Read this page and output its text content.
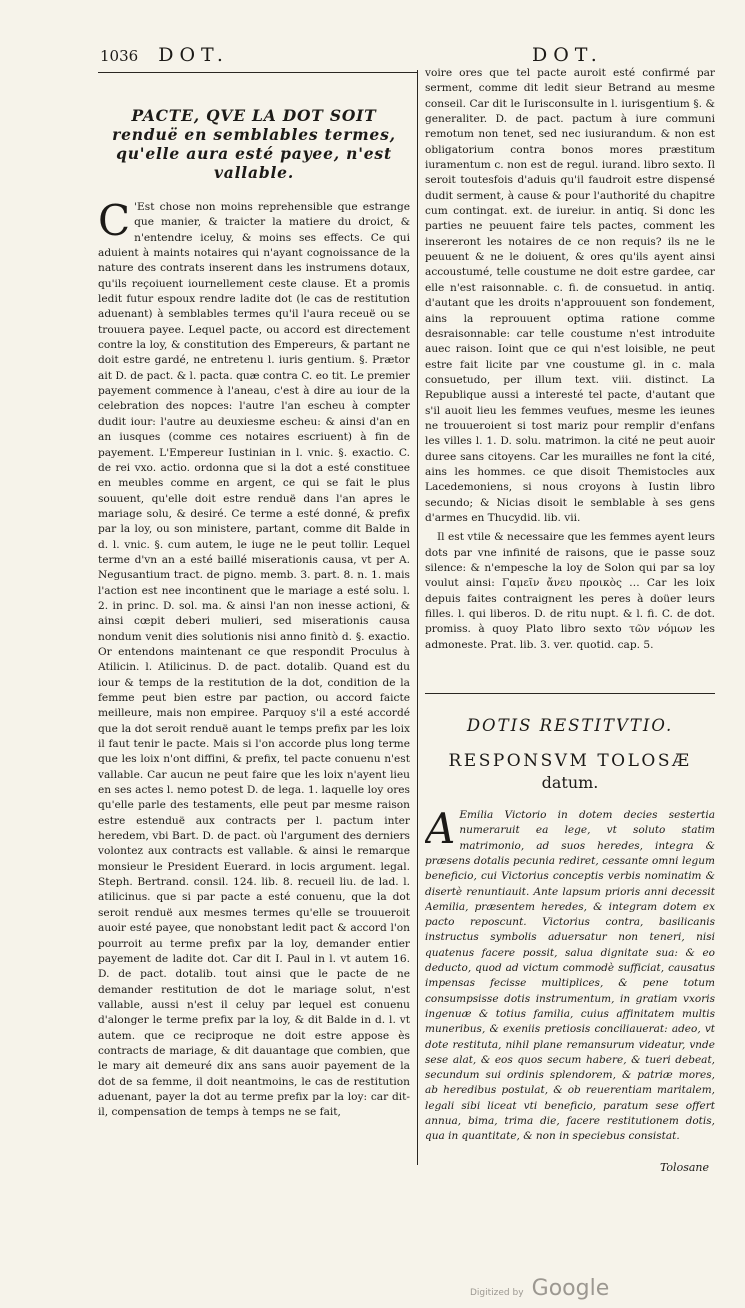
1036 DOT.	DOT.
PACTE, QVE LA DOT SOIT renduë en semblables termes, qu'elle aura esté payee, n'est vallable.

C 'Est chose non moins reprehensible que estrange que manier, & traicter la matiere du droict, & n'entendre iceluy, & moins ses effects. Ce qui aduient à maints notaires qui n'ayant cognoissance de la nature des contrats inserent dans les instrumens dotaux, qu'ils reçoiuent iournellement ceste clause. Et a promis ledit futur espoux rendre ladite dot (le cas de restitution aduenant) à semblables termes qu'il l'aura receuë ou se trouuera payee. Lequel pacte, ou accord est directement contre la loy, & constitution des Empereurs, & partant ne doit estre gardé, ne entretenu l. iuris gentium. §. Prætor ait D. de pact. & l. pacta. quæ contra C. eo tit. Le premier payement commence à l'aneau, c'est à dire au iour de la celebration des nopces: l'autre l'an escheu à compter dudit iour: l'autre au deuxiesme escheu: & ainsi d'an en an iusques (comme ces notaires escriuent) à fin de payement. L'Empereur Iustinian in l. vnic. §. exactio. C. de rei vxo. actio. ordonna que si la dot a esté constituee en meubles comme en argent, ce qui se fait le plus souuent, qu'elle doit estre renduë dans l'an apres le mariage solu, & desiré. Ce terme a esté donné, & prefix par la loy, ou son ministere, partant, comme dit Balde in d. l. vnic. §. cum autem, le iuge ne le peut tollir. Lequel terme d'vn an a esté baillé miserationis causa, vt per A. Negusantium tract. de pigno. memb. 3. part. 8. n. 1. mais l'action est nee incontinent que le mariage a esté solu. l. 2. in princ. D. sol. ma. & ainsi l'an non inesse actioni, & ainsi cœpit deberi mulieri, sed miserationis causa nondum venit dies solutionis nisi anno finitò d. §. exactio. Or entendons maintenant ce que respondit Proculus à Atilicin. l. Atilicinus. D. de pact. dotalib. Quand est du iour & temps de la restitution de la dot, condition de la femme peut bien estre par paction, ou accord faicte meilleure, mais non empiree. Parquoy s'il a esté accordé que la dot seroit renduë auant le temps prefix par les loix il faut tenir le pacte. Mais si l'on accorde plus long terme que les loix n'ont diffini, & prefix, tel pacte conuenu n'est vallable. Car aucun ne peut faire que les loix n'ayent lieu en ses actes l. nemo potest D. de lega. 1. laquelle loy ores qu'elle parle des testaments, elle peut par mesme raison estre estenduë aux contracts per l. pactum inter heredem, vbi Bart. D. de pact. où l'argument des derniers volontez aux contracts est vallable. & ainsi le remarque monsieur le President Euerard. in locis argument. legal. Steph. Bertrand. consil. 124. lib. 8. recueil liu. de lad. l. atilicinus. que si par pacte a esté conuenu, que la dot seroit renduë aux mesmes termes qu'elle se trouueroit auoir esté payee, que nonobstant ledit pact & accord l'on pourroit au terme prefix par la loy, demander entier payement de ladite dot. Car dit I. Paul in l. vt autem 16. D. de pact. dotalib. tout ainsi que le pacte de ne demander restitution de dot le mariage solut, n'est vallable, aussi n'est il celuy par lequel est conuenu d'alonger le terme prefix par la loy, & dit Balde in d. l. vt autem. que ce reciproque ne doit estre appose ès contracts de mariage, & dit dauantage que combien, que le mary ait demeuré dix ans sans auoir payement de la dot de sa femme, il doit neantmoins, le cas de restitution aduenant, payer la dot au terme prefix par la loy: car dit-il, compensation de temps à temps ne se fait,

voire ores que tel pacte auroit esté confirmé par serment, comme dit ledit sieur Betrand au mesme conseil. Car dit le Iurisconsulte in l. iurisgentium §. & generaliter. D. de pact. pactum à iure communi remotum non tenet, sed nec iusiurandum. & non est obligatorium contra bonos mores præstitum iuramentum c. non est de regul. iurand. libro sexto. Il seroit toutesfois d'aduis qu'il faudroit estre dispensé dudit serment, à cause & pour l'authorité du chapitre cum contingat. ext. de iureiur. in antiq. Si donc les parties ne peuuent faire tels pactes, comment les insereront les notaires de ce non requis? ils ne le peuuent & ne le doiuent, & ores qu'ils ayent ainsi accoustumé, telle coustume ne doit estre gardee, car elle n'est raisonnable. c. fi. de consuetud. in antiq. d'autant que les droits n'approuuent son fondement, ains la reprouuent optima ratione comme desraisonnable: car telle coustume n'est introduite auec raison. Ioint que ce qui n'est loisible, ne peut estre fait licite par vne coustume gl. in c. mala consuetudo, per illum text. viii. distinct. La Republique aussi a interesté tel pacte, d'autant que s'il auoit lieu les femmes veufues, mesme les ieunes ne trouueroient si tost mariz pour remplir d'enfans les villes l. 1. D. solu. matrimon. la cité ne peut auoir duree sans citoyens. Car les murailles ne font la cité, ains les hommes. ce que disoit Themistocles aux Lacedemoniens, si nous croyons à Iustin libro secundo; & Nicias disoit le semblable à ses gens d'armes en Thucydid. lib. vii.

Il est vtile & necessaire que les femmes ayent leurs dots par vne infinité de raisons, que ie passe souz silence: & n'empesche la loy de Solon qui par sa loy voulut ainsi: Γαμεῖν ἄνευ προικὸς … Car les loix depuis faites contraignent les peres à doüer leurs filles. l. qui liberos. D. de ritu nupt. & l. fi. C. de dot. promiss. à quoy Plato libro sexto τῶν νόμων les admoneste. Prat. lib. 3. ver. quotid. cap. 5.

DOTIS RESTITVTIO.
RESPONSVM TOLOSÆ
datum.

A Emilia Victorio in dotem decies sestertia numeraruit ea lege, vt soluto statim matrimonio, ad suos heredes, integra & præsens dotalis pecunia rediret, cessante omni legum beneficio, cui Victorius conceptis verbis nominatim & disertè renuntiauit. Ante lapsum prioris anni decessit Aemilia, præsentem heredes, & integram dotem ex pacto reposcunt. Victorius contra, basilicanis instructus symbolis aduersatur non teneri, nisi quatenus facere possit, salua dignitate sua: & eo deducto, quod ad victum commodè sufficiat, causatus impensas fecisse multiplices, & pene totum consumpsisse dotis instrumentum, in gratiam vxoris ingenuæ & totius familia, cuius affinitatem multis muneribus, & exeniis pretiosis conciliauerat: adeo, vt dote restituta, nihil plane remansurum videatur, vnde sese alat, & eos quos secum habere, & tueri debeat, secundum sui ordinis splendorem, & patriæ mores, ab heredibus postulat, & ob reuerentiam maritalem, legali sibi liceat vti beneficio, paratum sese offert annua, bima, trima die, facere restitutionem dotis, qua in quantitate, & non in speciebus consistat.

Tolosane
Digitized by Google
